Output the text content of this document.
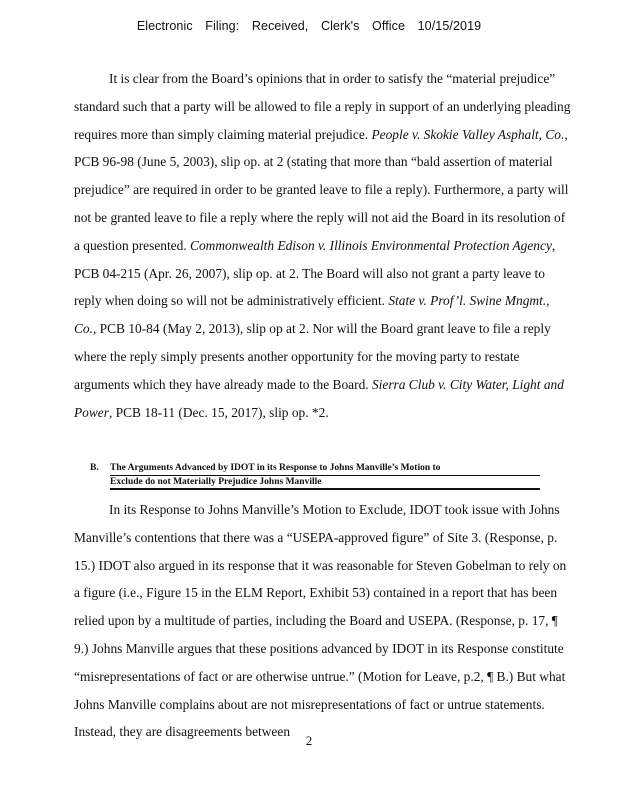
Electronic Filing: Received, Clerk's Office 10/15/2019

It is clear from the Board’s opinions that in order to satisfy the “material prejudice” standard such that a party will be allowed to file a reply in support of an underlying pleading requires more than simply claiming material prejudice. People v. Skokie Valley Asphalt, Co., PCB 96-98 (June 5, 2003), slip op. at 2 (stating that more than “bald assertion of material prejudice” are required in order to be granted leave to file a reply). Furthermore, a party will not be granted leave to file a reply where the reply will not aid the Board in its resolution of a question presented. Commonwealth Edison v. Illinois Environmental Protection Agency, PCB 04-215 (Apr. 26, 2007), slip op. at 2. The Board will also not grant a party leave to reply when doing so will not be administratively efficient. State v. Prof’l. Swine Mngmt., Co., PCB 10-84 (May 2, 2013), slip op at 2. Nor will the Board grant leave to file a reply where the reply simply presents another opportunity for the moving party to restate arguments which they have already made to the Board. Sierra Club v. City Water, Light and Power, PCB 18-11 (Dec. 15, 2017), slip op. *2.

B. The Arguments Advanced by IDOT in its Response to Johns Manville’s Motion to
Exclude do not Materially Prejudice Johns Manville

In its Response to Johns Manville’s Motion to Exclude, IDOT took issue with Johns Manville’s contentions that there was a “USEPA-approved figure” of Site 3. (Response, p. 15.) IDOT also argued in its response that it was reasonable for Steven Gobelman to rely on a figure (i.e., Figure 15 in the ELM Report, Exhibit 53) contained in a report that has been relied upon by a multitude of parties, including the Board and USEPA. (Response, p. 17, ¶ 9.) Johns Manville argues that these positions advanced by IDOT in its Response constitute “misrepresentations of fact or are otherwise untrue.” (Motion for Leave, p.2, ¶ B.) But what Johns Manville complains about are not misrepresentations of fact or untrue statements. Instead, they are disagreements between

2
